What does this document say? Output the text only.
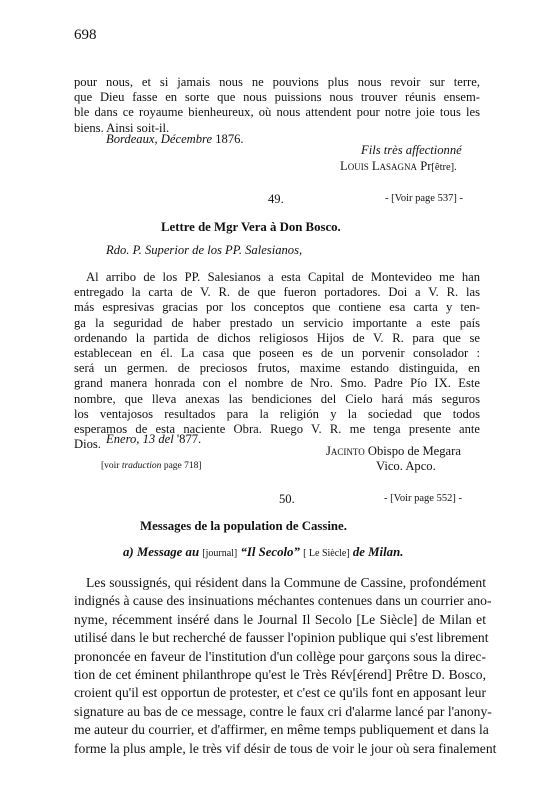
698
pour nous, et si jamais nous ne pouvions plus nous revoir sur terre,
que Dieu fasse en sorte que nous puissions nous trouver réunis ensem-
ble dans ce royaume bienheureux, où nous attendent pour notre joie tous les
biens. Ainsi soit-il.
Bordeaux, Décembre 1876.
Fils très affectionné
Louis Lasagna Pr[être].
49.	- [Voir page 537] -
Lettre de Mgr Vera à Don Bosco.
Rdo. P. Superior de los PP. Salesianos,
Al arribo de los PP. Salesianos a esta Capital de Montevideo me han
entregado la carta de V. R. de que fueron portadores. Doi a V. R. las
más espresivas gracias por los conceptos que contiene esa carta y ten-
ga la seguridad de haber prestado un servicio importante a este país
ordenando la partida de dichos religiosos Hijos de V. R. para que se
establecean en él. La casa que poseen es de un porvenir consolador :
será un germen. de preciosos frutos, maxime estando distinguida, en
grand manera honrada con el nombre de Nro. Smo. Padre Pío IX. Este
nombre, que lleva anexas las bendiciones del Cielo hará más seguros
los ventajosos resultados para la religión y la sociedad que todos
esperamos de esta naciente Obra. Ruego V. R. me tenga presente ante
Dios. Enero, 13 del '877.
Jacinto Obispo de Megara
Vico. Apco.
[voir traduction page 718]
50.	- [Voir page 552] -
Messages de la population de Cassine.
a) Message au [journal] “Il Secolo” [ Le Siècle] de Milan.
Les soussignés, qui résident dans la Commune de Cassine, profondément
indignés à cause des insinuations méchantes contenues dans un courrier ano-
nyme, récemment inséré dans le Journal Il Secolo [Le Siècle] de Milan et
utilisé dans le but recherché de fausser l'opinion publique qui s'est librement
prononcée en faveur de l'institution d'un collège pour garçons sous la direc-
tion de cet éminent philanthrope qu'est le Très Rév[érend] Prêtre D. Bosco,
croient qu'il est opportun de protester, et c'est ce qu'ils font en apposant leur
signature au bas de ce message, contre le faux cri d'alarme lancé par l'anony-
me auteur du courrier, et d'affirmer, en même temps publiquement et dans la
forme la plus ample, le très vif désir de tous de voir le jour où sera finalement
